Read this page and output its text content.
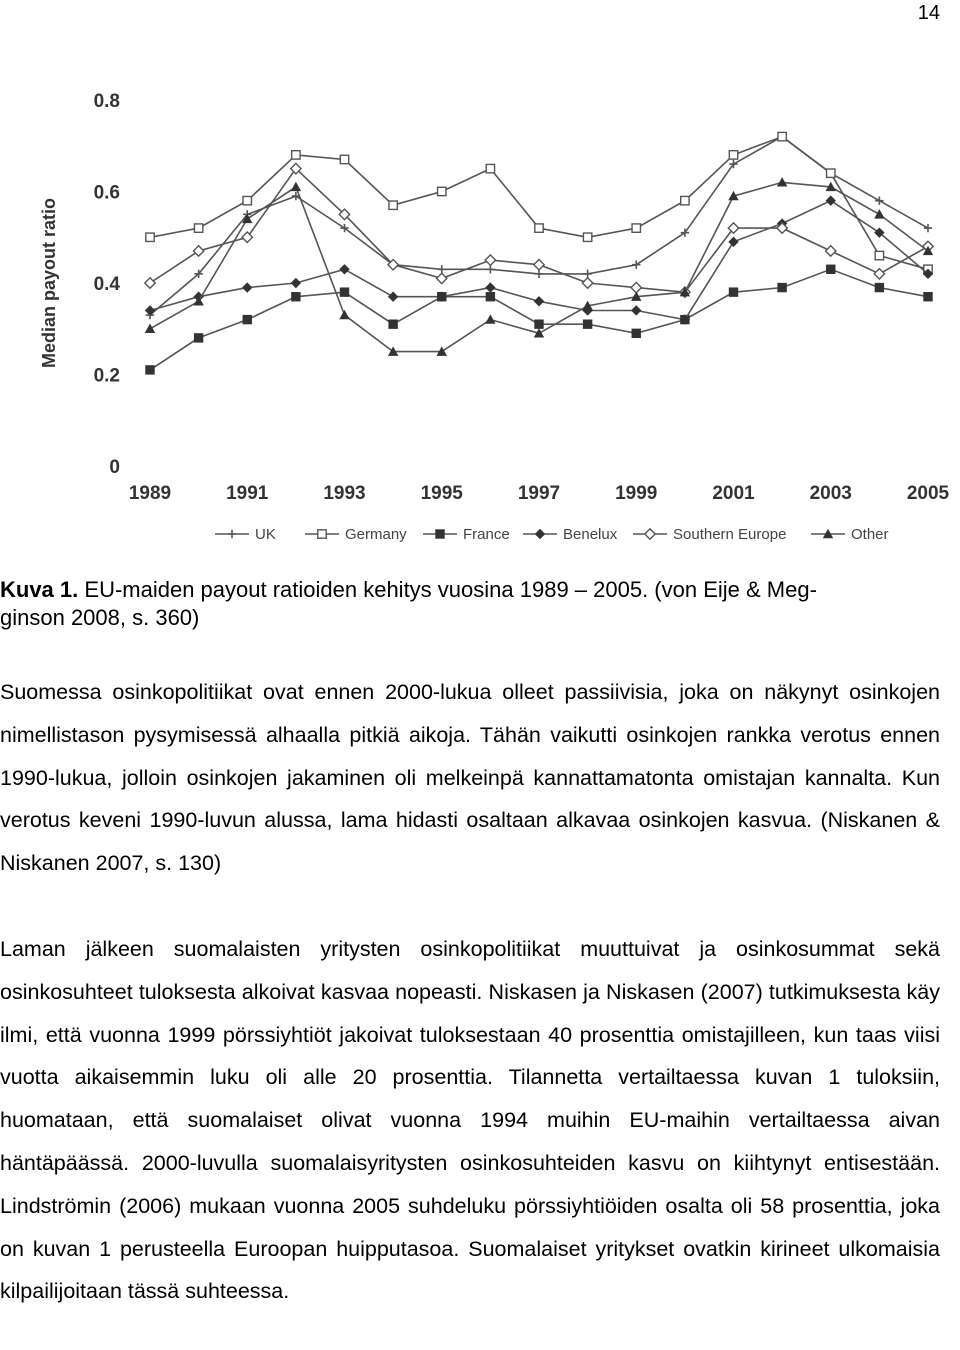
14
0
0.2
0.4
0.6
0.8
1989	1991	1993	1995	1997	1999	2001	2003	2005
Median payout ratio
UK	Germany	France	Benelux	Southern Europe	Other
Kuva 1. EU-maiden payout ratioiden kehitys vuosina 1989 – 2005. (von Eije & Meg-
ginson 2008, s. 360)
Suomessa osinkopolitiikat ovat ennen 2000-lukua olleet passiivisia, joka on näkynyt osinkojen nimellistason pysymisessä alhaalla pitkiä aikoja. Tähän vaikutti osinkojen rankka verotus ennen 1990-lukua, jolloin osinkojen jakaminen oli melkeinpä kannattamatonta omistajan kannalta. Kun verotus keveni 1990-luvun alussa, lama hidasti osaltaan alkavaa osinkojen kasvua. (Niskanen & Niskanen 2007, s. 130)
Laman jälkeen suomalaisten yritysten osinkopolitiikat muuttuivat ja osinkosummat sekä osinkosuhteet tuloksesta alkoivat kasvaa nopeasti. Niskasen ja Niskasen (2007) tutkimuksesta käy ilmi, että vuonna 1999 pörssiyhtiöt jakoivat tuloksestaan 40 prosenttia omistajilleen, kun taas viisi vuotta aikaisemmin luku oli alle 20 prosenttia. Tilannetta vertailtaessa kuvan 1 tuloksiin, huomataan, että suomalaiset olivat vuonna 1994 muihin EU-maihin vertailtaessa aivan häntäpäässä. 2000-luvulla suomalaisyritysten osinkosuhteiden kasvu on kiihtynyt entisestään. Lindströmin (2006) mukaan vuonna 2005 suhdeluku pörssiyhtiöiden osalta oli 58 prosenttia, joka on kuvan 1 perusteella Euroopan huipputasoa. Suomalaiset yritykset ovatkin kirineet ulkomaisia kilpailijoitaan tässä suhteessa.
